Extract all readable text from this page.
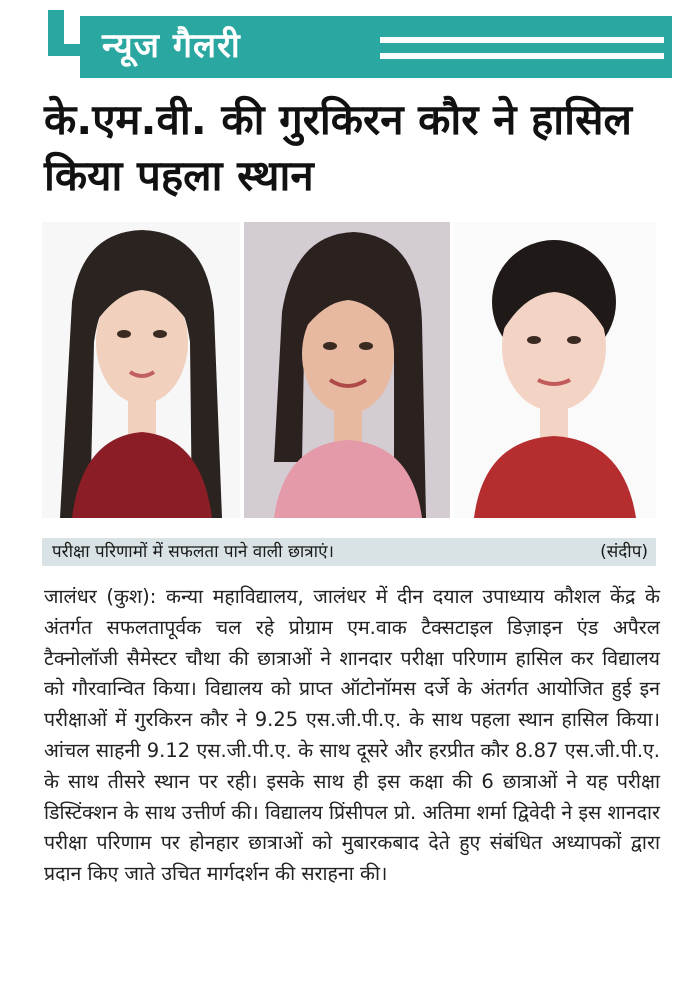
न्यूज गैलरी
के.एम.वी. की गुरकिरन कौर ने हासिल किया पहला स्थान
परीक्षा परिणामों में सफलता पाने वाली छात्राएं।	(संदीप)
जालंधर (कुश): कन्या महाविद्यालय, जालंधर में दीन दयाल उपाध्याय कौशल केंद्र के अंतर्गत सफलतापूर्वक चल रहे प्रोग्राम एम.वाक टैक्सटाइल डिज़ाइन एंड अपैरल टैक्नोलॉजी सैमेस्टर चौथा की छात्राओं ने शानदार परीक्षा परिणाम हासिल कर विद्यालय को गौरवान्वित किया। विद्यालय को प्राप्त ऑटोनॉमस दर्जे के अंतर्गत आयोजित हुई इन परीक्षाओं में गुरकिरन कौर ने 9.25 एस.जी.पी.ए. के साथ पहला स्थान हासिल किया। आंचल साहनी 9.12 एस.जी.पी.ए. के साथ दूसरे और हरप्रीत कौर 8.87 एस.जी.पी.ए. के साथ तीसरे स्थान पर रही। इसके साथ ही इस कक्षा की 6 छात्राओं ने यह परीक्षा डिस्टिंक्शन के साथ उत्तीर्ण की। विद्यालय प्रिंसीपल प्रो. अतिमा शर्मा द्विवेदी ने इस शानदार परीक्षा परिणाम पर होनहार छात्राओं को मुबारकबाद देते हुए संबंधित अध्यापकों द्वारा प्रदान किए जाते उचित मार्गदर्शन की सराहना की।
